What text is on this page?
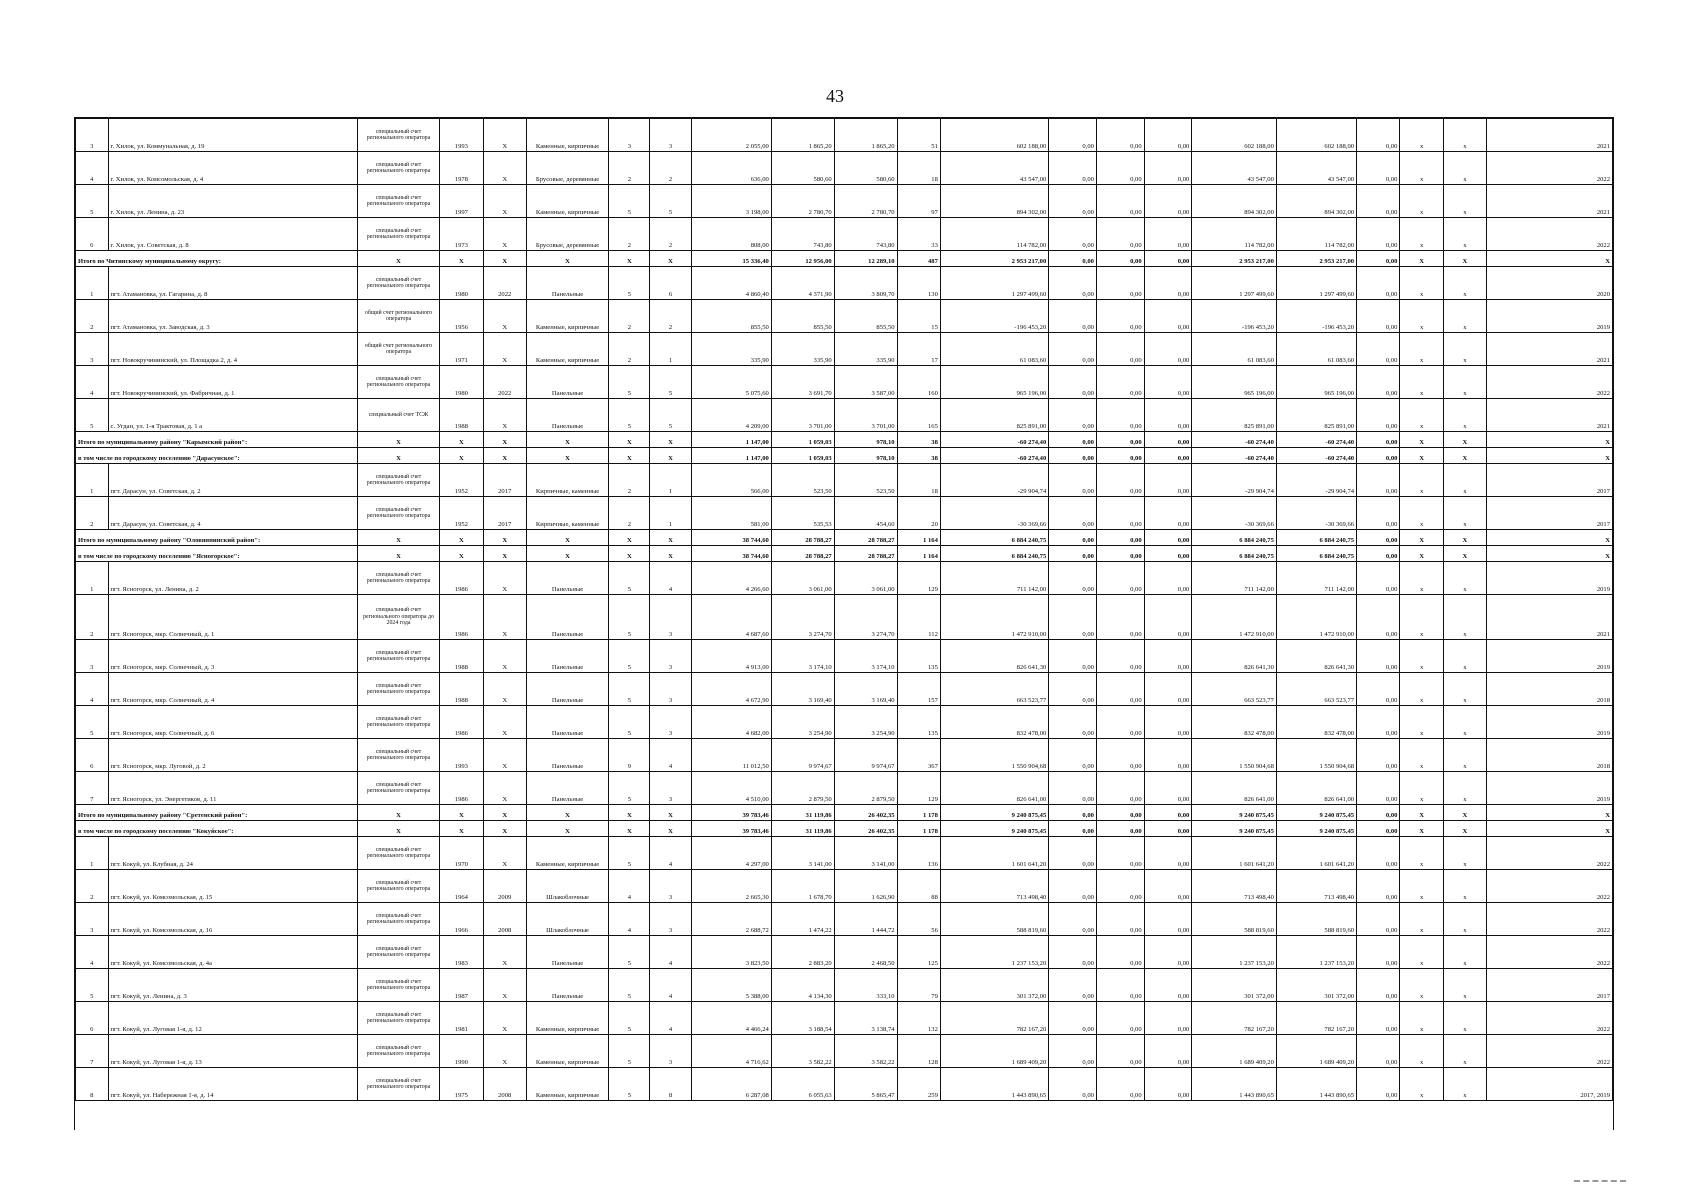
43
3	г. Хилок, ул. Коммунальная, д. 19	специальный счет регионального оператора	1993	Х	Каменные, кирпичные	3	3	2 055,00	1 865,20	1 865,20	51	602 188,00	0,00	0,00	0,00	602 188,00	602 188,00	0,00	х	х	2021
4	г. Хилок, ул. Комсомольская, д. 4	специальный счет регионального оператора	1978	Х	Брусовые, деревянные	2	2	636,00	580,60	580,60	18	43 547,00	0,00	0,00	0,00	43 547,00	43 547,00	0,00	х	х	2022
5	г. Хилок, ул. Ленина, д. 23	специальный счет регионального оператора	1997	Х	Каменные, кирпичные	5	5	3 198,00	2 780,70	2 780,70	97	894 302,00	0,00	0,00	0,00	894 302,00	894 302,00	0,00	х	х	2021
6	г. Хилок, ул. Советская, д. 8	специальный счет регионального оператора	1973	Х	Брусовые, деревянные	2	2	808,00	743,80	743,80	33	114 782,00	0,00	0,00	0,00	114 782,00	114 782,00	0,00	х	х	2022
Итого по Читинскому муниципальному округу:		Х	Х	Х	Х	Х	Х	15 336,40	12 956,00	12 289,10	487	2 953 217,00	0,00	0,00	0,00	2 953 217,00	2 953 217,00	0,00	Х	Х	Х
1	пгт. Атамановка, ул. Гагарина, д. 8	специальный счет регионального оператора	1980	2022	Панельные	5	6	4 860,40	4 371,90	3 809,70	130	1 297 499,60	0,00	0,00	0,00	1 297 499,60	1 297 499,60	0,00	х	х	2020
2	пгт. Атамановка, ул. Заводская, д. 3	общий счет регионального оператора	1956	Х	Каменные, кирпичные	2	2	855,50	855,50	855,50	15	-196 453,20	0,00	0,00	0,00	-196 453,20	-196 453,20	0,00	х	х	2019
3	пгт. Новокручининский, ул. Площадка 2, д. 4	общий счет регионального оператора	1971	Х	Каменные, кирпичные	2	1	335,90	335,90	335,90	17	61 083,60	0,00	0,00	0,00	61 083,60	61 083,60	0,00	х	х	2021
4	пгт. Новокручининский, ул. Фабричная, д. 1	специальный счет регионального оператора	1980	2022	Панельные	5	5	5 075,60	3 691,70	3 587,00	160	965 196,00	0,00	0,00	0,00	965 196,00	965 196,00	0,00	х	х	2022
5	с. Угдан, ул. 1-я Трактовая, д. 1 а	специальный счет ТСЖ	1988	Х	Панельные	5	5	4 209,00	3 701,00	3 701,00	165	825 891,00	0,00	0,00	0,00	825 891,00	825 891,00	0,00	х	х	2021
Итого по муниципальному району "Карымский район":		Х	Х	Х	Х	Х	Х	1 147,00	1 059,03	978,10	38	-60 274,40	0,00	0,00	0,00	-60 274,40	-60 274,40	0,00	Х	Х	Х
в том числе по городскому поселению "Дарасунское":		Х	Х	Х	Х	Х	Х	1 147,00	1 059,03	978,10	38	-60 274,40	0,00	0,00	0,00	-60 274,40	-60 274,40	0,00	Х	Х	Х
1	пгт. Дарасун, ул. Советская, д. 2	специальный счет регионального оператора	1952	2017	Кирпичные, каменные	2	1	566,00	523,50	523,50	18	-29 904,74	0,00	0,00	0,00	-29 904,74	-29 904,74	0,00	х	х	2017
2	пгт. Дарасун, ул. Советская, д. 4	специальный счет регионального оператора	1952	2017	Кирпичные, каменные	2	1	581,00	535,53	454,60	20	-30 369,66	0,00	0,00	0,00	-30 369,66	-30 369,66	0,00	х	х	2017
Итого по муниципальному району "Оловяннинский район":		Х	Х	Х	Х	Х	Х	38 744,60	28 788,27	28 788,27	1 164	6 884 240,75	0,00	0,00	0,00	6 884 240,75	6 884 240,75	0,00	Х	Х	Х
в том числе по городскому поселению "Ясногорское":		Х	Х	Х	Х	Х	Х	38 744,60	28 788,27	28 788,27	1 164	6 884 240,75	0,00	0,00	0,00	6 884 240,75	6 884 240,75	0,00	Х	Х	Х
1	пгт. Ясногорск, ул. Ленина, д. 2	специальный счет регионального оператора	1986	Х	Панельные	5	4	4 266,60	3 061,00	3 061,00	129	711 142,00	0,00	0,00	0,00	711 142,00	711 142,00	0,00	х	х	2019
2	пгт. Ясногорск, мкр. Солнечный, д. 1	специальный счет регионального оператора до 2024 года	1986	Х	Панельные	5	3	4 687,60	3 274,70	3 274,70	112	1 472 910,00	0,00	0,00	0,00	1 472 910,00	1 472 910,00	0,00	х	х	2021
3	пгт. Ясногорск, мкр. Солнечный, д. 3	специальный счет регионального оператора	1988	Х	Панельные	5	3	4 913,00	3 174,10	3 174,10	135	826 641,30	0,00	0,00	0,00	826 641,30	826 641,30	0,00	х	х	2019
4	пгт. Ясногорск, мкр. Солнечный, д. 4	специальный счет регионального оператора	1988	Х	Панельные	5	3	4 672,90	3 169,40	3 169,40	157	663 523,77	0,00	0,00	0,00	663 523,77	663 523,77	0,00	х	х	2018
5	пгт. Ясногорск, мкр. Солнечный, д. 6	специальный счет регионального оператора	1986	Х	Панельные	5	3	4 682,00	3 254,90	3 254,90	135	832 478,00	0,00	0,00	0,00	832 478,00	832 478,00	0,00	х	х	2019
6	пгт. Ясногорск, мкр. Луговой, д. 2	специальный счет регионального оператора	1993	Х	Панельные	9	4	11 012,50	9 974,67	9 974,67	367	1 550 904,68	0,00	0,00	0,00	1 550 904,68	1 550 904,68	0,00	х	х	2018
7	пгт. Ясногорск, ул. Энергетиков, д. 11	специальный счет регионального оператора	1986	Х	Панельные	5	3	4 510,00	2 879,50	2 879,50	129	826 641,00	0,00	0,00	0,00	826 641,00	826 641,00	0,00	х	х	2019
Итого по муниципальному району "Сретенский район":		Х	Х	Х	Х	Х	Х	39 783,46	31 119,86	26 402,35	1 178	9 240 875,45	0,00	0,00	0,00	9 240 875,45	9 240 875,45	0,00	Х	Х	Х
в том числе по городскому поселению "Кокуйское":		Х	Х	Х	Х	Х	Х	39 783,46	31 119,86	26 402,35	1 178	9 240 875,45	0,00	0,00	0,00	9 240 875,45	9 240 875,45	0,00	Х	Х	Х
1	пгт. Кокуй, ул. Клубная, д. 24	специальный счет регионального оператора	1970	Х	Каменные, кирпичные	5	4	4 297,00	3 141,00	3 141,00	136	1 601 641,20	0,00	0,00	0,00	1 601 641,20	1 601 641,20	0,00	х	х	2022
2	пгт. Кокуй, ул. Комсомольская, д. 15	специальный счет регионального оператора	1964	2009	Шлакоблочные	4	3	2 665,30	1 678,70	1 626,90	88	713 498,40	0,00	0,00	0,00	713 498,40	713 498,40	0,00	х	х	2022
3	пгт. Кокуй, ул. Комсомольская, д. 16	специальный счет регионального оператора	1966	2008	Шлакоблочные	4	3	2 688,72	1 474,22	1 444,72	56	588 819,60	0,00	0,00	0,00	588 819,60	588 819,60	0,00	х	х	2022
4	пгт. Кокуй, ул. Комсомольская, д. 4а	специальный счет регионального оператора	1983	Х	Панельные	5	4	3 823,50	2 883,20	2 468,50	125	1 237 153,20	0,00	0,00	0,00	1 237 153,20	1 237 153,20	0,00	х	х	2022
5	пгт. Кокуй, ул. Ленина, д. 3	специальный счет регионального оператора	1987	Х	Панельные	5	4	5 388,00	4 134,30	333,10	79	301 372,00	0,00	0,00	0,00	301 372,00	301 372,00	0,00	х	х	2017
6	пгт. Кокуй, ул. Луговая 1-я, д. 12	специальный счет регионального оператора	1981	Х	Каменные, кирпичные	5	4	4 466,24	3 188,54	3 138,74	132	782 167,20	0,00	0,00	0,00	782 167,20	782 167,20	0,00	х	х	2022
7	пгт. Кокуй, ул. Луговая 1-я, д. 13	специальный счет регионального оператора	1990	Х	Каменные, кирпичные	5	3	4 716,62	3 582,22	3 582,22	128	1 689 409,20	0,00	0,00	0,00	1 689 409,20	1 689 409,20	0,00	х	х	2022
8	пгт. Кокуй, ул. Набережная 1-я, д. 14	специальный счет регионального оператора	1975	2008	Каменные, кирпичные	5	8	6 287,08	6 055,63	5 865,47	259	1 443 890,65	0,00	0,00	0,00	1 443 890,65	1 443 890,65	0,00	х	х	2017, 2019
